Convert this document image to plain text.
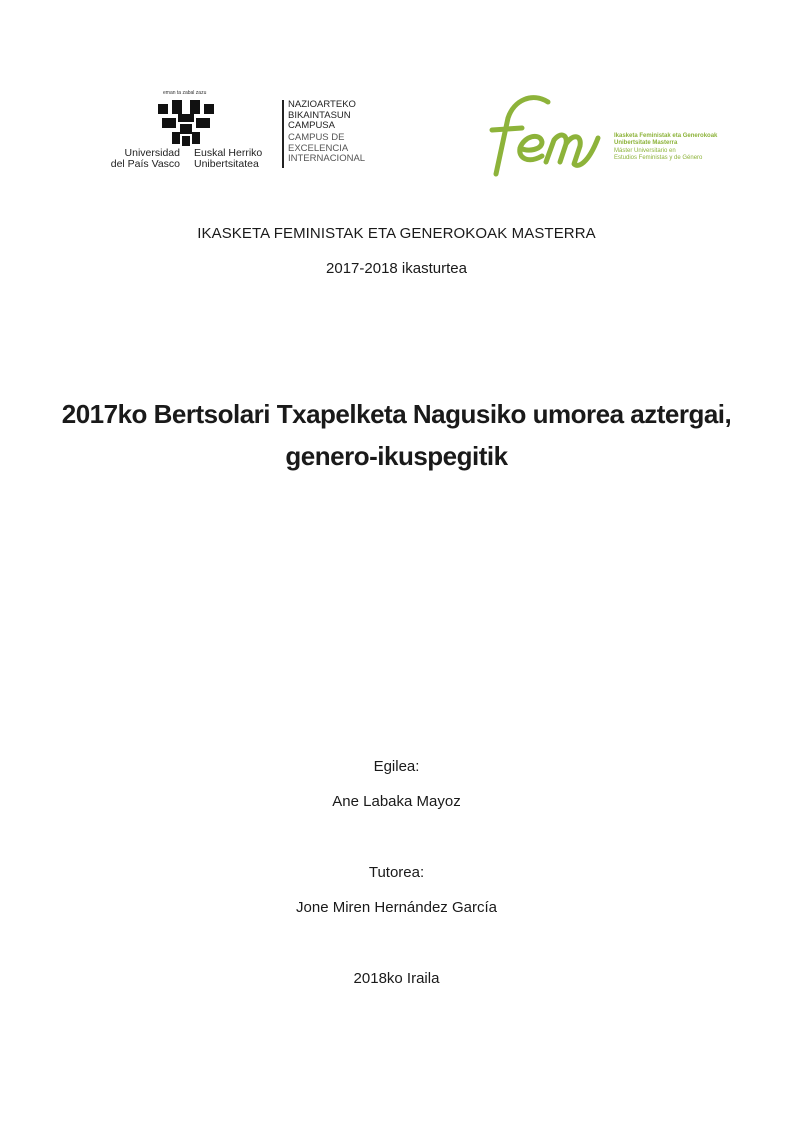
eman ta zabal zazu
Universidad
del País Vasco
Euskal Herriko
Unibertsitatea
NAZIOARTEKO
BIKAINTASUN
CAMPUSA
CAMPUS DE
EXCELENCIA
INTERNACIONAL
Ikasketa Feministak eta Generokoak
Unibertsitate Masterra
Máster Universitario en
Estudios Feministas y de Género
IKASKETA FEMINISTAK ETA GENEROKOAK MASTERRA
2017-2018 ikasturtea
2017ko Bertsolari Txapelketa Nagusiko umorea aztergai,
genero-ikuspegitik
Egilea:
Ane Labaka Mayoz
Tutorea:
Jone Miren Hernández García
2018ko Iraila
